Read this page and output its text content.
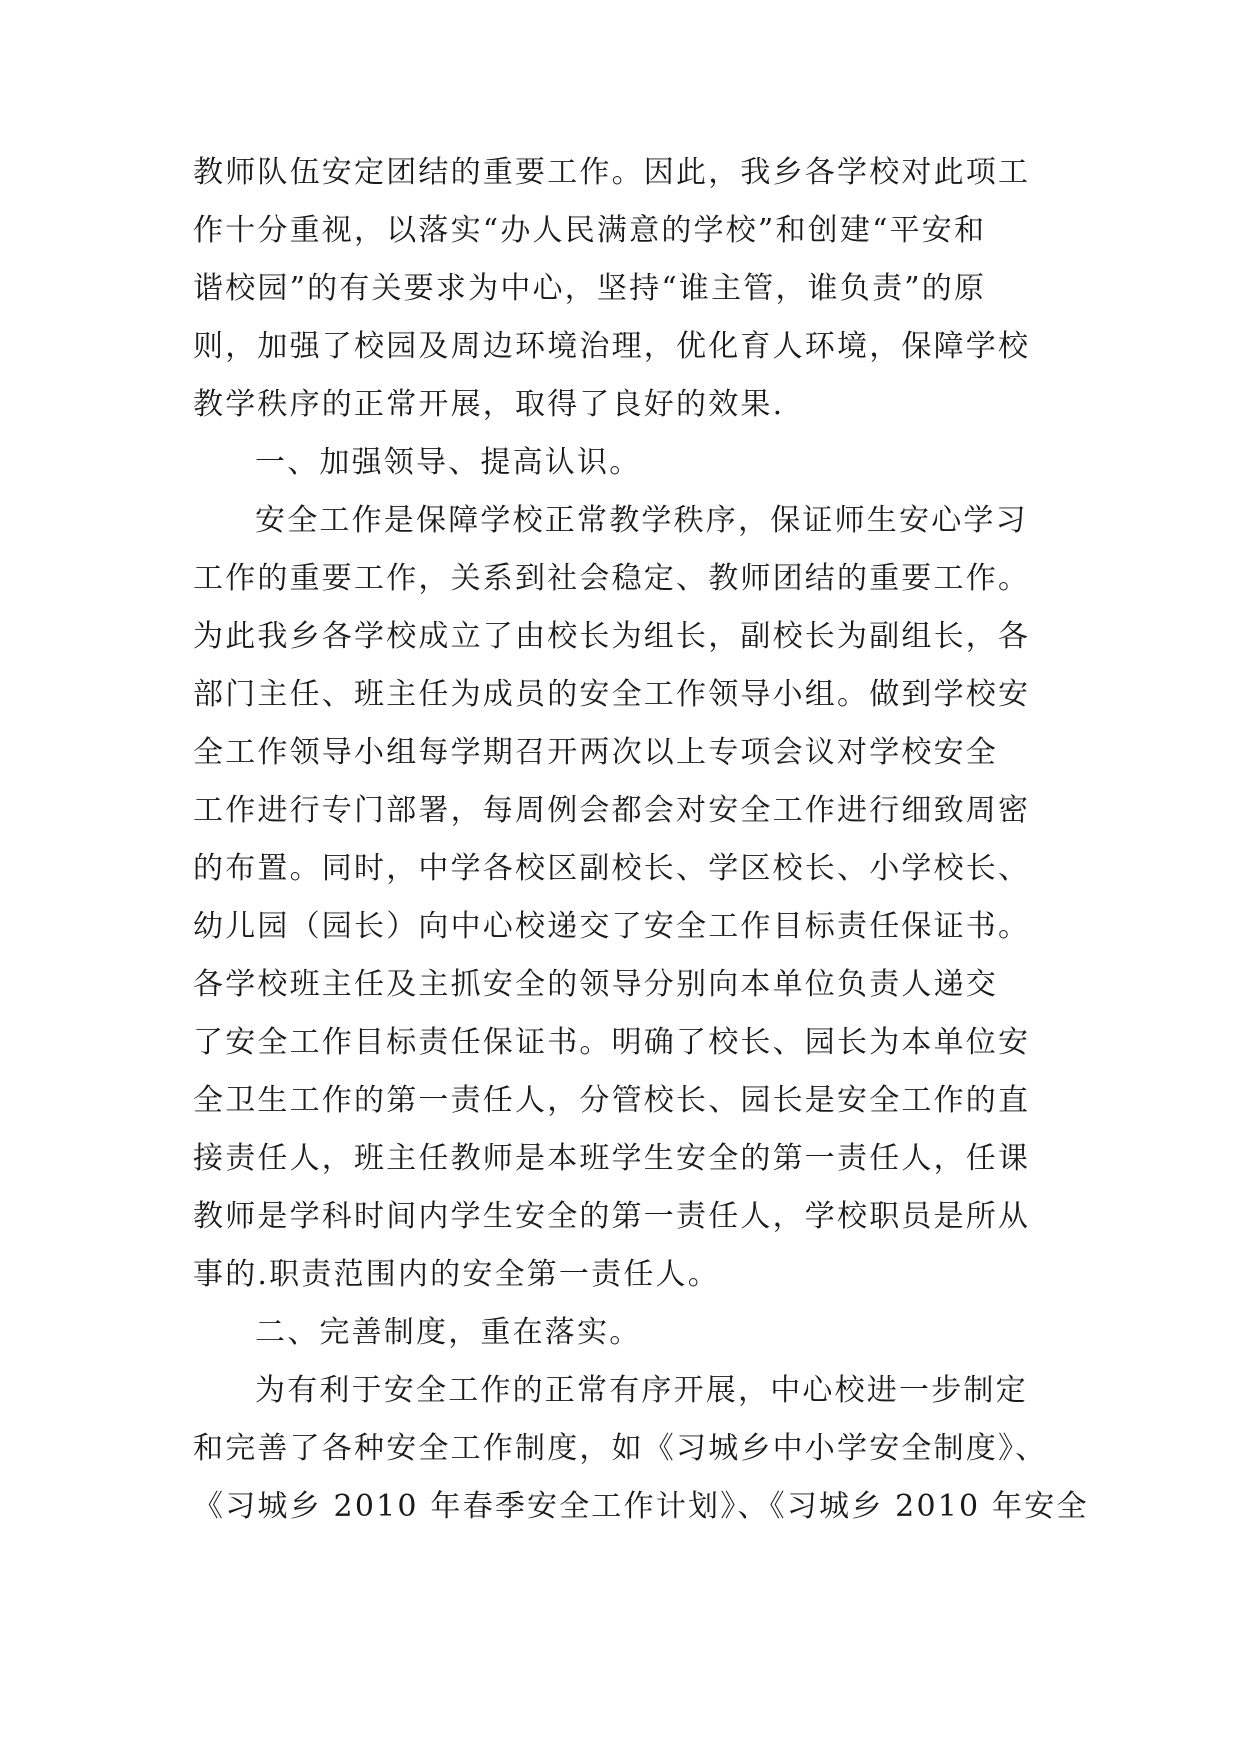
教师队伍安定团结的重要工作。因此，我乡各学校对此项工
作十分重视，以落实“办人民满意的学校”和创建“平安和
谐校园”的有关要求为中心，坚持“谁主管，谁负责”的原
则，加强了校园及周边环境治理，优化育人环境，保障学校
教学秩序的正常开展，取得了良好的效果.
一、加强领导、提高认识。
安全工作是保障学校正常教学秩序，保证师生安心学习
工作的重要工作，关系到社会稳定、教师团结的重要工作。
为此我乡各学校成立了由校长为组长，副校长为副组长，各
部门主任、班主任为成员的安全工作领导小组。做到学校安
全工作领导小组每学期召开两次以上专项会议对学校安全
工作进行专门部署，每周例会都会对安全工作进行细致周密
的布置。同时，中学各校区副校长、学区校长、小学校长、
幼儿园（园长）向中心校递交了安全工作目标责任保证书。
各学校班主任及主抓安全的领导分别向本单位负责人递交
了安全工作目标责任保证书。明确了校长、园长为本单位安
全卫生工作的第一责任人，分管校长、园长是安全工作的直
接责任人，班主任教师是本班学生安全的第一责任人，任课
教师是学科时间内学生安全的第一责任人，学校职员是所从
事的.职责范围内的安全第一责任人。
二、完善制度，重在落实。
为有利于安全工作的正常有序开展，中心校进一步制定
和完善了各种安全工作制度，如《习城乡中小学安全制度》、
《习城乡 2010 年春季安全工作计划》、《习城乡 2010 年安全
